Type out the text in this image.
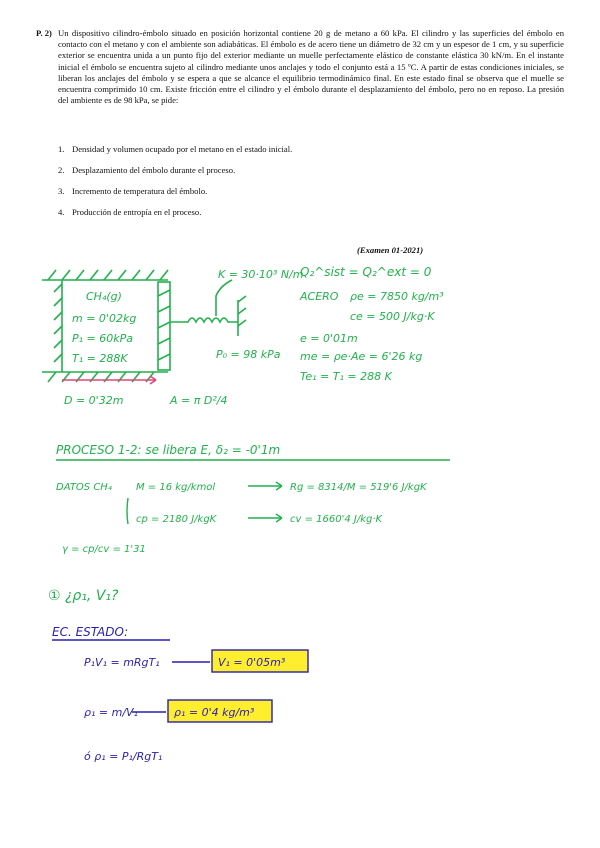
P. 2) Un dispositivo cilindro-émbolo situado en posición horizontal contiene 20 g de metano a 60 kPa. El cilindro y las superficies del émbolo en contacto con el metano y con el ambiente son adiabáticas. El émbolo es de acero tiene un diámetro de 32 cm y un espesor de 1 cm, y su superficie exterior se encuentra unida a un punto fijo del exterior mediante un muelle perfectamente elástico de constante elástica 30 kN/m. En el instante inicial el émbolo se encuentra sujeto al cilindro mediante unos anclajes y todo el conjunto está a 15 ºC. A partir de estas condiciones iniciales, se liberan los anclajes del émbolo y se espera a que se alcance el equilibrio termodinámico final. En este estado final se observa que el muelle se encuentra comprimido 10 cm. Existe fricción entre el cilindro y el émbolo durante el desplazamiento del émbolo, pero no en reposo. La presión del ambiente es de 98 kPa, se pide:
1. Densidad y volumen ocupado por el metano en el estado inicial.
2. Desplazamiento del émbolo durante el proceso.
3. Incremento de temperatura del émbolo.
4. Producción de entropía en el proceso.
(Examen 01-2021)
K = 30·10³ N/m
CH₄(g)
m = 0'02kg
P₁ = 60kPa
T₁ = 288K	P₀ = 98 kPa
D = 0'32m	A = π D²/4
Q₂^sist = Q₂^ext = 0
ACERO ρe = 7850 kg/m³
ce = 500 J/kg·K
e = 0'01m
me = ρe·Ae = 6'26 kg
Te₁ = T₁ = 288 K
PROCESO 1-2: se libera E, δ₂ = -0'1m
DATOS CH₄ M = 16 kg/kmol	Rg = 8314/M = 519'6 J/kgK
cp = 2180 J/kgK	cv = 1660'4 J/kg·K
γ = cp/cv = 1'31
① ¿ρ₁, V₁?
EC. ESTADO:
P₁V₁ = mRgT₁
ρ₁ = m/V₁
ó ρ₁ = P₁/RgT₁
V₁ = 0'05m³
ρ₁ = 0'4 kg/m³
